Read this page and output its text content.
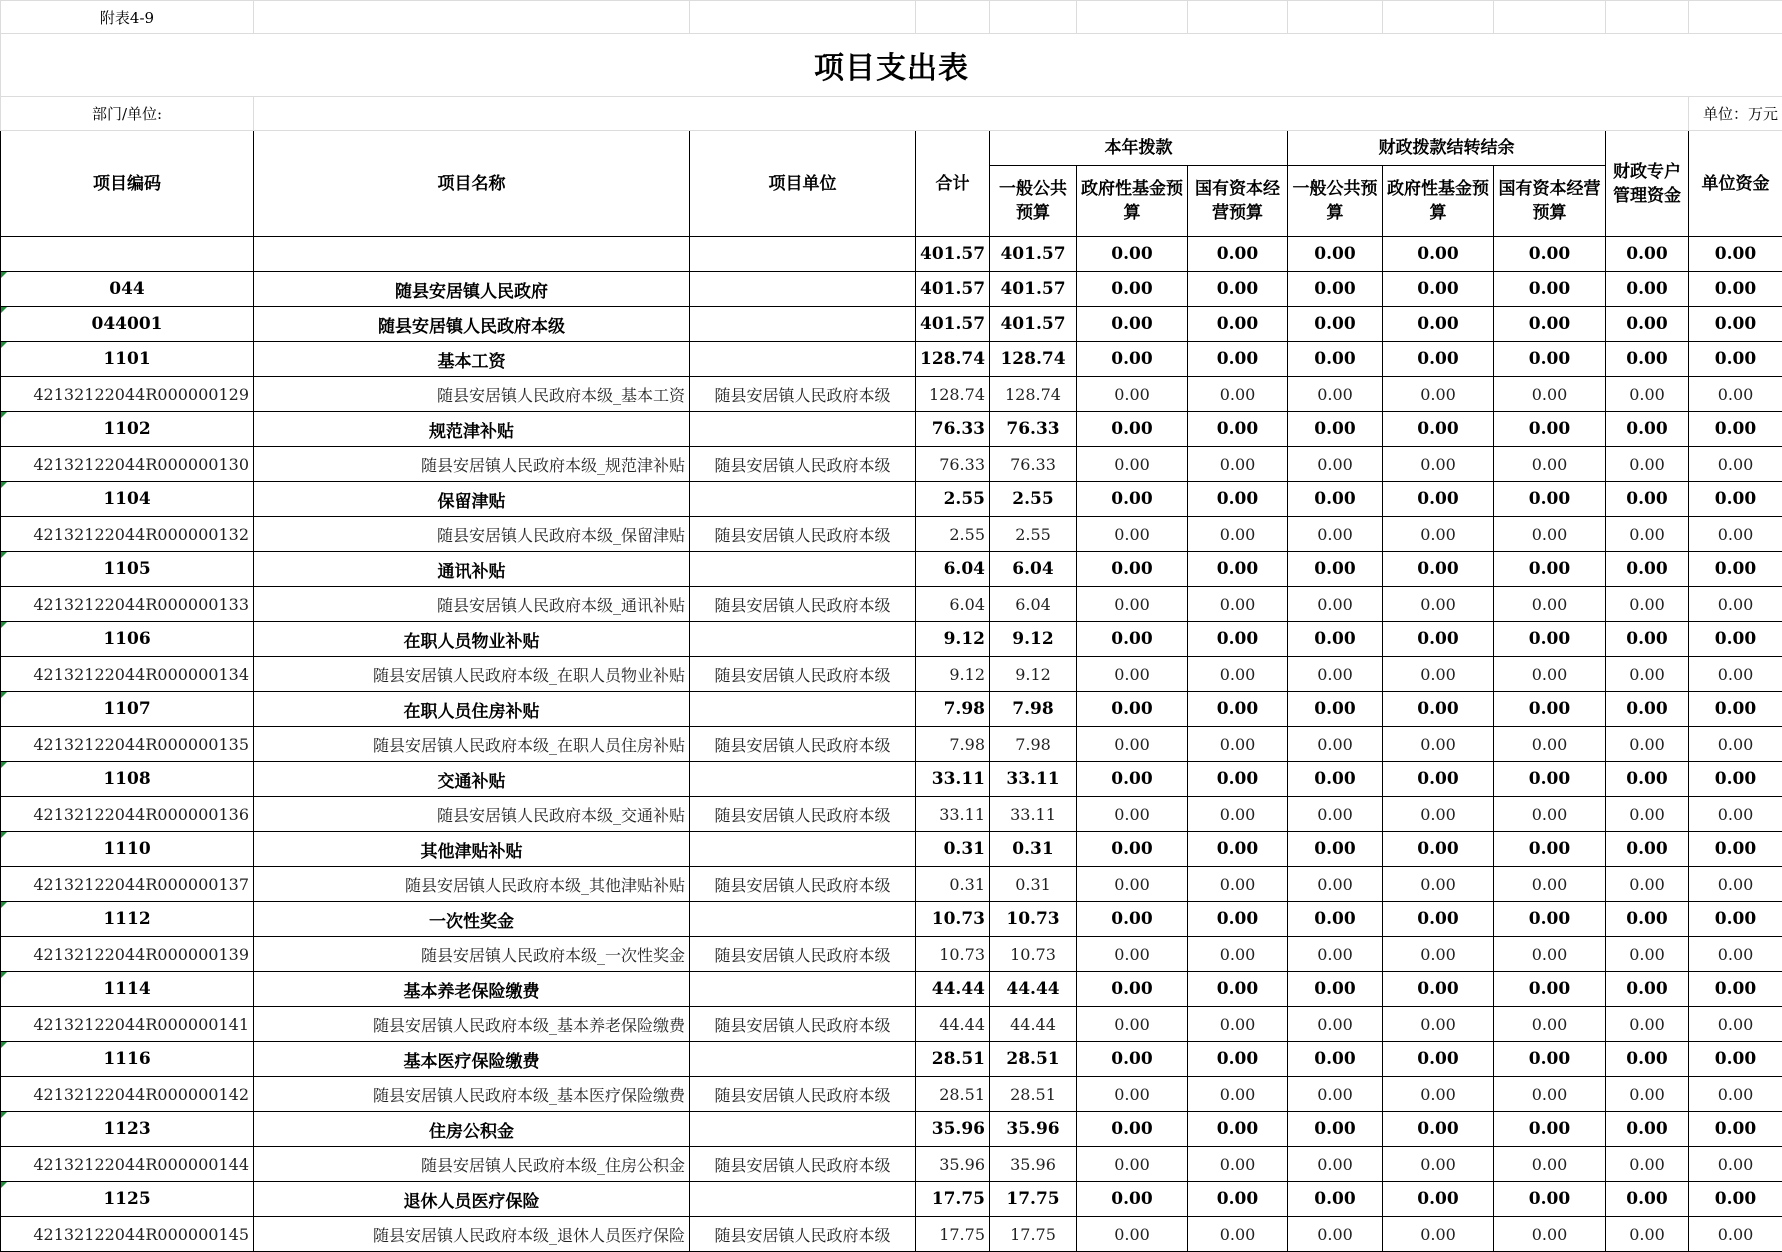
附表4-9											
项目支出表											
部门/单位:											单位：万元
项目编码	项目名称	项目单位	合计	本年拨款			财政拨款结转结余			财政专户管理资金	单位资金
				一般公共预算	政府性基金预算	国有资本经营预算	一般公共预算	政府性基金预算	国有资本经营预算		
			401.57	401.57	0.00	0.00	0.00	0.00	0.00	0.00	0.00

044	随县安居镇人民政府		401.57	401.57	0.00	0.00	0.00	0.00	0.00	0.00	0.00

044001	随县安居镇人民政府本级		401.57	401.57	0.00	0.00	0.00	0.00	0.00	0.00	0.00

1101	基本工资		128.74	128.74	0.00	0.00	0.00	0.00	0.00	0.00	0.00
42132122044R000000129	随县安居镇人民政府本级_基本工资	随县安居镇人民政府本级	128.74	128.74	0.00	0.00	0.00	0.00	0.00	0.00	0.00

1102	规范津补贴		76.33	76.33	0.00	0.00	0.00	0.00	0.00	0.00	0.00
42132122044R000000130	随县安居镇人民政府本级_规范津补贴	随县安居镇人民政府本级	76.33	76.33	0.00	0.00	0.00	0.00	0.00	0.00	0.00

1104	保留津贴		2.55	2.55	0.00	0.00	0.00	0.00	0.00	0.00	0.00
42132122044R000000132	随县安居镇人民政府本级_保留津贴	随县安居镇人民政府本级	2.55	2.55	0.00	0.00	0.00	0.00	0.00	0.00	0.00

1105	通讯补贴		6.04	6.04	0.00	0.00	0.00	0.00	0.00	0.00	0.00
42132122044R000000133	随县安居镇人民政府本级_通讯补贴	随县安居镇人民政府本级	6.04	6.04	0.00	0.00	0.00	0.00	0.00	0.00	0.00

1106	在职人员物业补贴		9.12	9.12	0.00	0.00	0.00	0.00	0.00	0.00	0.00
42132122044R000000134	随县安居镇人民政府本级_在职人员物业补贴	随县安居镇人民政府本级	9.12	9.12	0.00	0.00	0.00	0.00	0.00	0.00	0.00

1107	在职人员住房补贴		7.98	7.98	0.00	0.00	0.00	0.00	0.00	0.00	0.00
42132122044R000000135	随县安居镇人民政府本级_在职人员住房补贴	随县安居镇人民政府本级	7.98	7.98	0.00	0.00	0.00	0.00	0.00	0.00	0.00

1108	交通补贴		33.11	33.11	0.00	0.00	0.00	0.00	0.00	0.00	0.00
42132122044R000000136	随县安居镇人民政府本级_交通补贴	随县安居镇人民政府本级	33.11	33.11	0.00	0.00	0.00	0.00	0.00	0.00	0.00

1110	其他津贴补贴		0.31	0.31	0.00	0.00	0.00	0.00	0.00	0.00	0.00
42132122044R000000137	随县安居镇人民政府本级_其他津贴补贴	随县安居镇人民政府本级	0.31	0.31	0.00	0.00	0.00	0.00	0.00	0.00	0.00

1112	一次性奖金		10.73	10.73	0.00	0.00	0.00	0.00	0.00	0.00	0.00
42132122044R000000139	随县安居镇人民政府本级_一次性奖金	随县安居镇人民政府本级	10.73	10.73	0.00	0.00	0.00	0.00	0.00	0.00	0.00

1114	基本养老保险缴费		44.44	44.44	0.00	0.00	0.00	0.00	0.00	0.00	0.00
42132122044R000000141	随县安居镇人民政府本级_基本养老保险缴费	随县安居镇人民政府本级	44.44	44.44	0.00	0.00	0.00	0.00	0.00	0.00	0.00

1116	基本医疗保险缴费		28.51	28.51	0.00	0.00	0.00	0.00	0.00	0.00	0.00
42132122044R000000142	随县安居镇人民政府本级_基本医疗保险缴费	随县安居镇人民政府本级	28.51	28.51	0.00	0.00	0.00	0.00	0.00	0.00	0.00

1123	住房公积金		35.96	35.96	0.00	0.00	0.00	0.00	0.00	0.00	0.00
42132122044R000000144	随县安居镇人民政府本级_住房公积金	随县安居镇人民政府本级	35.96	35.96	0.00	0.00	0.00	0.00	0.00	0.00	0.00

1125	退休人员医疗保险		17.75	17.75	0.00	0.00	0.00	0.00	0.00	0.00	0.00
42132122044R000000145	随县安居镇人民政府本级_退休人员医疗保险	随县安居镇人民政府本级	17.75	17.75	0.00	0.00	0.00	0.00	0.00	0.00	0.00
